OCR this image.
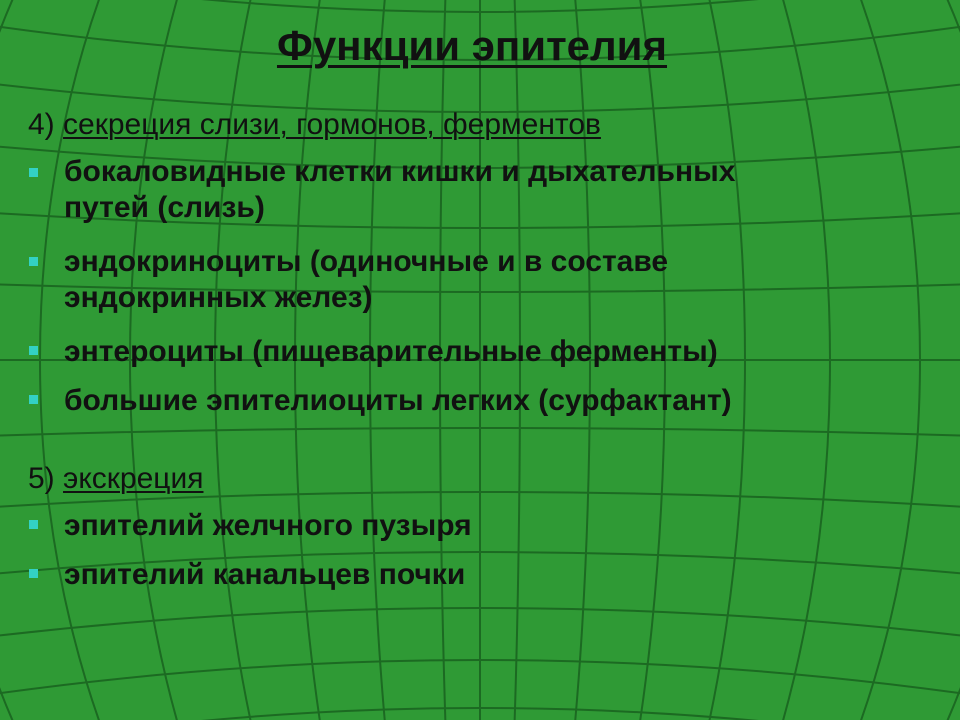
Функции эпителия
4) секреция слизи, гормонов, ферментов
бокаловидные клетки кишки и дыхательных
путей (слизь)
эндокриноциты (одиночные и в составе
эндокринных желез)
энтероциты (пищеварительные ферменты)
большие эпителиоциты легких (сурфактант)
5) экскреция
эпителий желчного пузыря
эпителий канальцев почки
